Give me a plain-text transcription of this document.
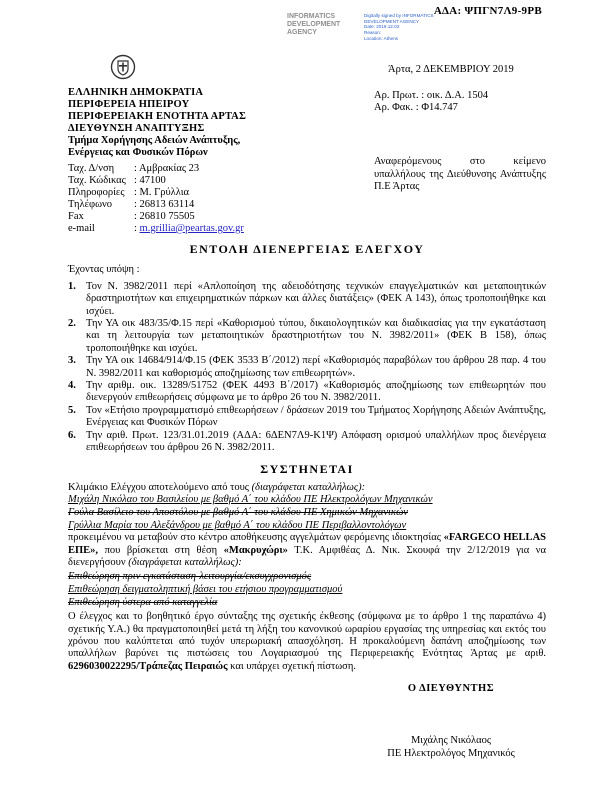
ΑΔΑ: ΨΠΓΝ7Λ9-9ΡΒ
INFORMATICS DEVELOPMENT AGENCY
Digitally signed by INFORMATICS DEVELOPMENT AGENCY
Date: 2019.12.02
Reason:
Location: Athens
Άρτα, 2 ΔΕΚΕΜΒΡΙΟΥ 2019
ΕΛΛΗΝΙΚΗ ΔΗΜΟΚΡΑΤΙΑ
ΠΕΡΙΦΕΡΕΙΑ ΗΠΕΙΡΟΥ
ΠΕΡΙΦΕΡΕΙΑΚΗ ΕΝΟΤΗΤΑ ΑΡΤΑΣ
ΔΙΕΥΘΥΝΣΗ ΑΝΑΠΤΥΞΗΣ
Τμήμα Χορήγησης Αδειών Ανάπτυξης,
Ενέργειας και Φυσικών Πόρων
Ταχ. Δ/νση	: Αμβρακίας 23
Ταχ. Κώδικας : 47100
Πληροφορίες : Μ. Γρύλλια
Τηλέφωνο	: 26813 63114
Fax	: 26810 75505
e-mail	:
m.grillia@peartas.gov.gr
Αρ. Πρωτ. : οικ. Δ.Α. 1504
Αρ. Φακ. : Φ14.747
Αναφερόμενους στο κείμενο υπαλλήλους της Διεύθυνσης Ανάπτυξης Π.Ε Άρτας
ΕΝΤΟΛΗ ΔΙΕΝΕΡΓΕΙΑΣ ΕΛΕΓΧΟΥ
Έχοντας υπόψη :
1. Τον Ν. 3982/2011 περί «Απλοποίηση της αδειοδότησης τεχνικών επαγγελματικών και μεταποιητικών δραστηριοτήτων και επιχειρηματικών πάρκων και άλλες διατάξεις» (ΦΕΚ Α 143), όπως τροποποιήθηκε και ισχύει.
2. Την ΥΑ οικ 483/35/Φ.15 περί «Καθορισμού τύπου, δικαιολογητικών και διαδικασίας για την εγκατάσταση και τη λειτουργία των μεταποιητικών δραστηριοτήτων του Ν. 3982/2011» (ΦΕΚ Β 158), όπως τροποποιήθηκε και ισχύει.
3. Την ΥΑ οικ 14684/914/Φ.15 (ΦΕΚ 3533 Β΄/2012) περί «Καθορισμός παραβόλων του άρθρου 28 παρ. 4 του Ν. 3982/2011 και καθορισμός αποζημίωσης των επιθεωρητών».
4. Την αριθμ. οικ. 13289/51752 (ΦΕΚ 4493 Β΄/2017) «Καθορισμός αποζημίωσης των επιθεωρητών που διενεργούν επιθεωρήσεις σύμφωνα με το άρθρο 26 του Ν. 3982/2011.
5. Τον «Ετήσιο προγραμματισμό επιθεωρήσεων / δράσεων 2019 του Τμήματος Χορήγησης Αδειών Ανάπτυξης, Ενέργειας και Φυσικών Πόρων
6. Την αριθ. Πρωτ. 123/31.01.2019 (ΑΔΑ: 6ΔΕΝ7Λ9-Κ1Ψ) Απόφαση ορισμού υπαλλήλων προς διενέργεια επιθεωρήσεων του άρθρου 26 Ν. 3982/2011.
ΣΥΣΤΗΝΕΤΑΙ
Κλιμάκιο Ελέγχου αποτελούμενο από τους (διαγράφεται καταλλήλως):
Μιχάλη Νικόλαο του Βασιλείου με βαθμό Α΄ του κλάδου ΠΕ Ηλεκτρολόγων Μηχανικών
Γούλα Βασίλειο του Αποστόλου με βαθμό Α΄ του κλάδου ΠΕ Χημικών Μηχανικών
Γρύλλια Μαρία του Αλεξάνδρου με βαθμό Α΄ του κλάδου ΠΕ Περιβαλλοντολόγων
προκειμένου να μεταβούν στο κέντρο αποθήκευσης αγγελμάτων φερόμενης ιδιοκτησίας «FARGECO HELLAS ΕΠΕ», που βρίσκεται στη θέση «Μακρυχώρι» Τ.Κ. Αμφιθέας Δ. Νικ. Σκουφά την 2/12/2019 για να διενεργήσουν (διαγράφεται καταλλήλως):
Επιθεώρηση πριν εγκατάσταση-λειτουργία/εκσυγχρονισμός
Επιθεώρηση δειγματοληπτική βάσει του ετήσιου προγραμματισμού
Επιθεώρηση ύστερα από καταγγελία
Ο έλεγχος και το βοηθητικό έργο σύνταξης της σχετικής έκθεσης (σύμφωνα με το άρθρο 1 της παραπάνω 4) σχετικής Υ.Α.) θα πραγματοποιηθεί μετά τη λήξη του κανονικού ωραρίου εργασίας της υπηρεσίας και εκτός του χρόνου που καλύπτεται από τυχόν υπερωριακή απασχόληση. Η προκαλούμενη δαπάνη αποζημίωσης των υπαλλήλων βαρύνει τις πιστώσεις του Λογαριασμού της Περιφερειακής Ενότητας Άρτας με αριθ. 6296030022295/Τράπεζας Πειραιώς και υπάρχει σχετική πίστωση.
Ο ΔΙΕΥΘΥΝΤΗΣ
Μιχάλης Νικόλαος
ΠΕ Ηλεκτρολόγος Μηχανικός
